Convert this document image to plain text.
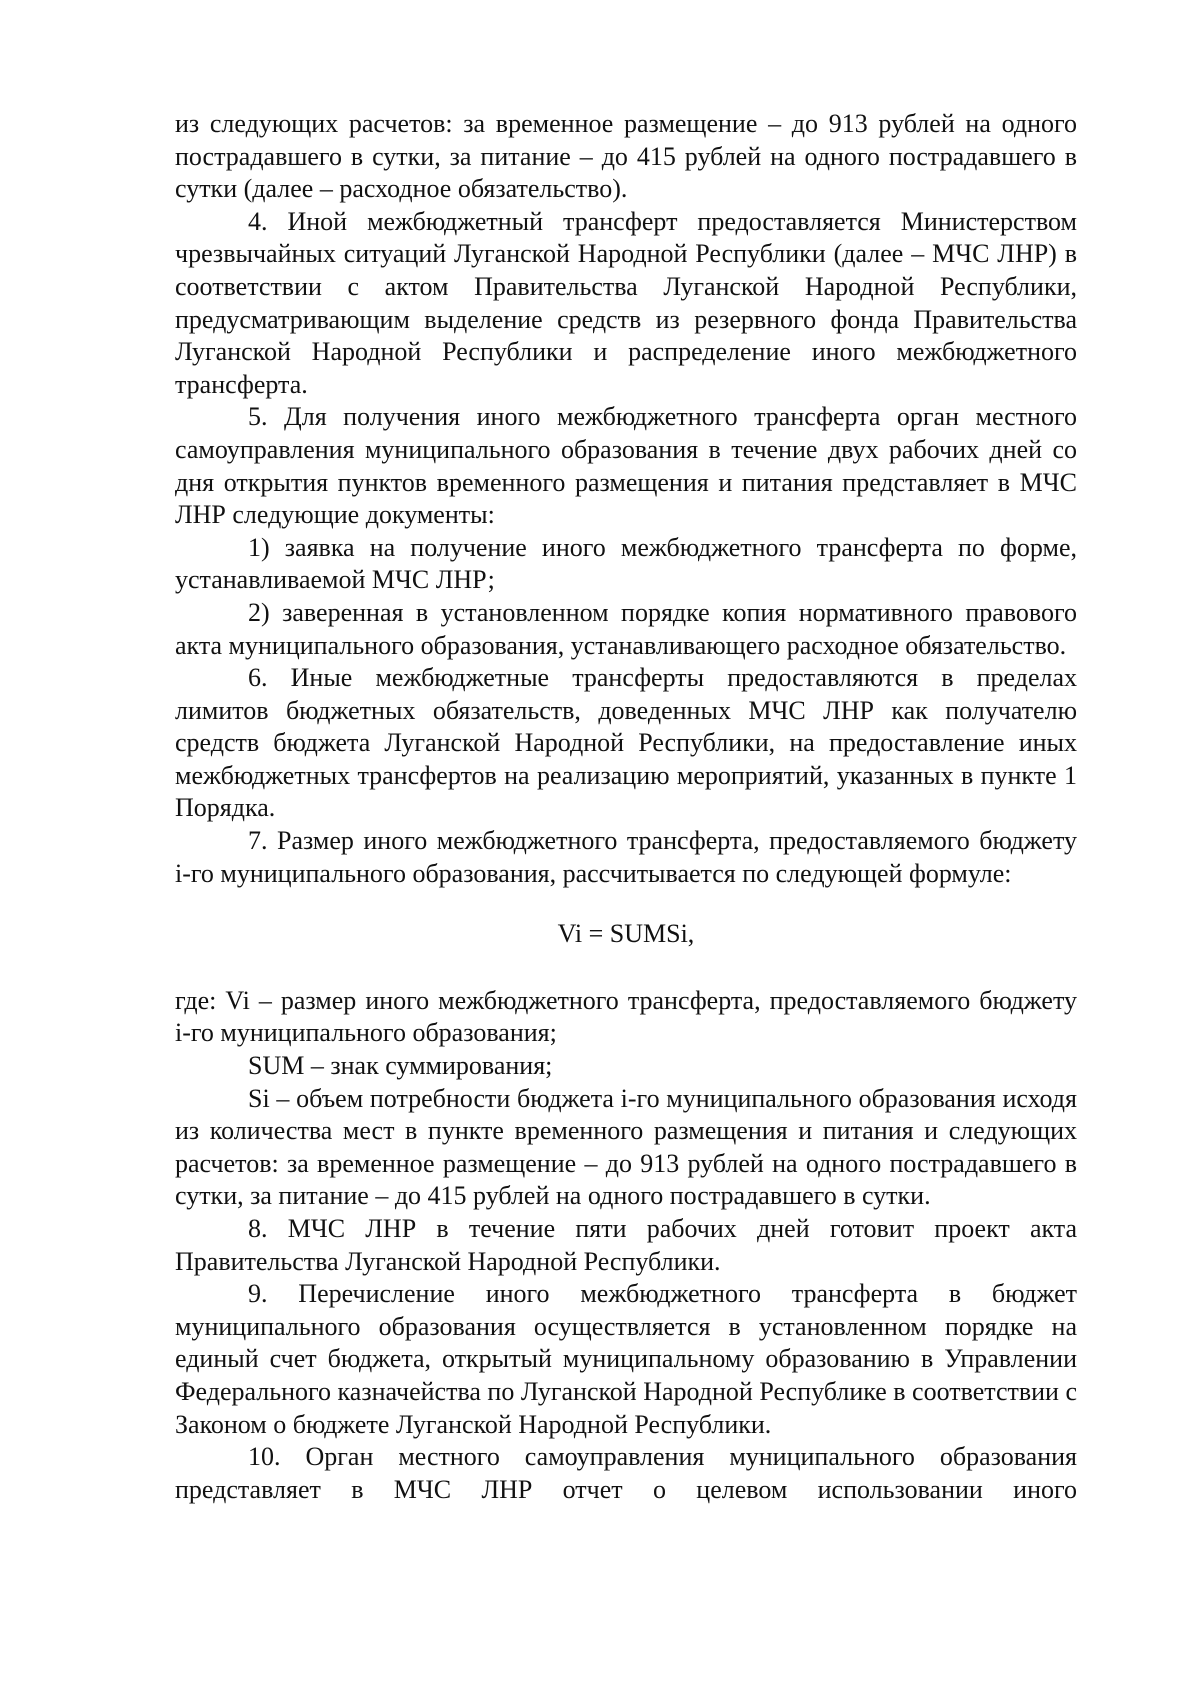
из следующих расчетов: за временное размещение – до 913 рублей на одного пострадавшего в сутки, за питание – до 415 рублей на одного пострадавшего в сутки (далее – расходное обязательство).

4. Иной межбюджетный трансферт предоставляется Министерством чрезвычайных ситуаций Луганской Народной Республики (далее – МЧС ЛНР) в соответствии с актом Правительства Луганской Народной Республики, предусматривающим выделение средств из резервного фонда Правительства Луганской Народной Республики и распределение иного межбюджетного трансферта.

5. Для получения иного межбюджетного трансферта орган местного самоуправления муниципального образования в течение двух рабочих дней со дня открытия пунктов временного размещения и питания представляет в МЧС ЛНР следующие документы:

1) заявка на получение иного межбюджетного трансферта по форме, устанавливаемой МЧС ЛНР;

2) заверенная в установленном порядке копия нормативного правового акта муниципального образования, устанавливающего расходное обязательство.

6. Иные межбюджетные трансферты предоставляются в пределах лимитов бюджетных обязательств, доведенных МЧС ЛНР как получателю средств бюджета Луганской Народной Республики, на предоставление иных межбюджетных трансфертов на реализацию мероприятий, указанных в пункте 1 Порядка.

7. Размер иного межбюджетного трансферта, предоставляемого бюджету i-го муниципального образования, рассчитывается по следующей формуле:

Vi = SUMSi,

где: Vi – размер иного межбюджетного трансферта, предоставляемого бюджету i-го муниципального образования;

SUM – знак суммирования;

Si – объем потребности бюджета i-го муниципального образования исходя из количества мест в пункте временного размещения и питания и следующих расчетов: за временное размещение – до 913 рублей на одного пострадавшего в сутки, за питание – до 415 рублей на одного пострадавшего в сутки.

8. МЧС ЛНР в течение пяти рабочих дней готовит проект акта Правительства Луганской Народной Республики.

9. Перечисление иного межбюджетного трансферта в бюджет муниципального образования осуществляется в установленном порядке на единый счет бюджета, открытый муниципальному образованию в Управлении Федерального казначейства по Луганской Народной Республике в соответствии с Законом о бюджете Луганской Народной Республики.

10. Орган местного самоуправления муниципального образования представляет в МЧС ЛНР отчет о целевом использовании иного
